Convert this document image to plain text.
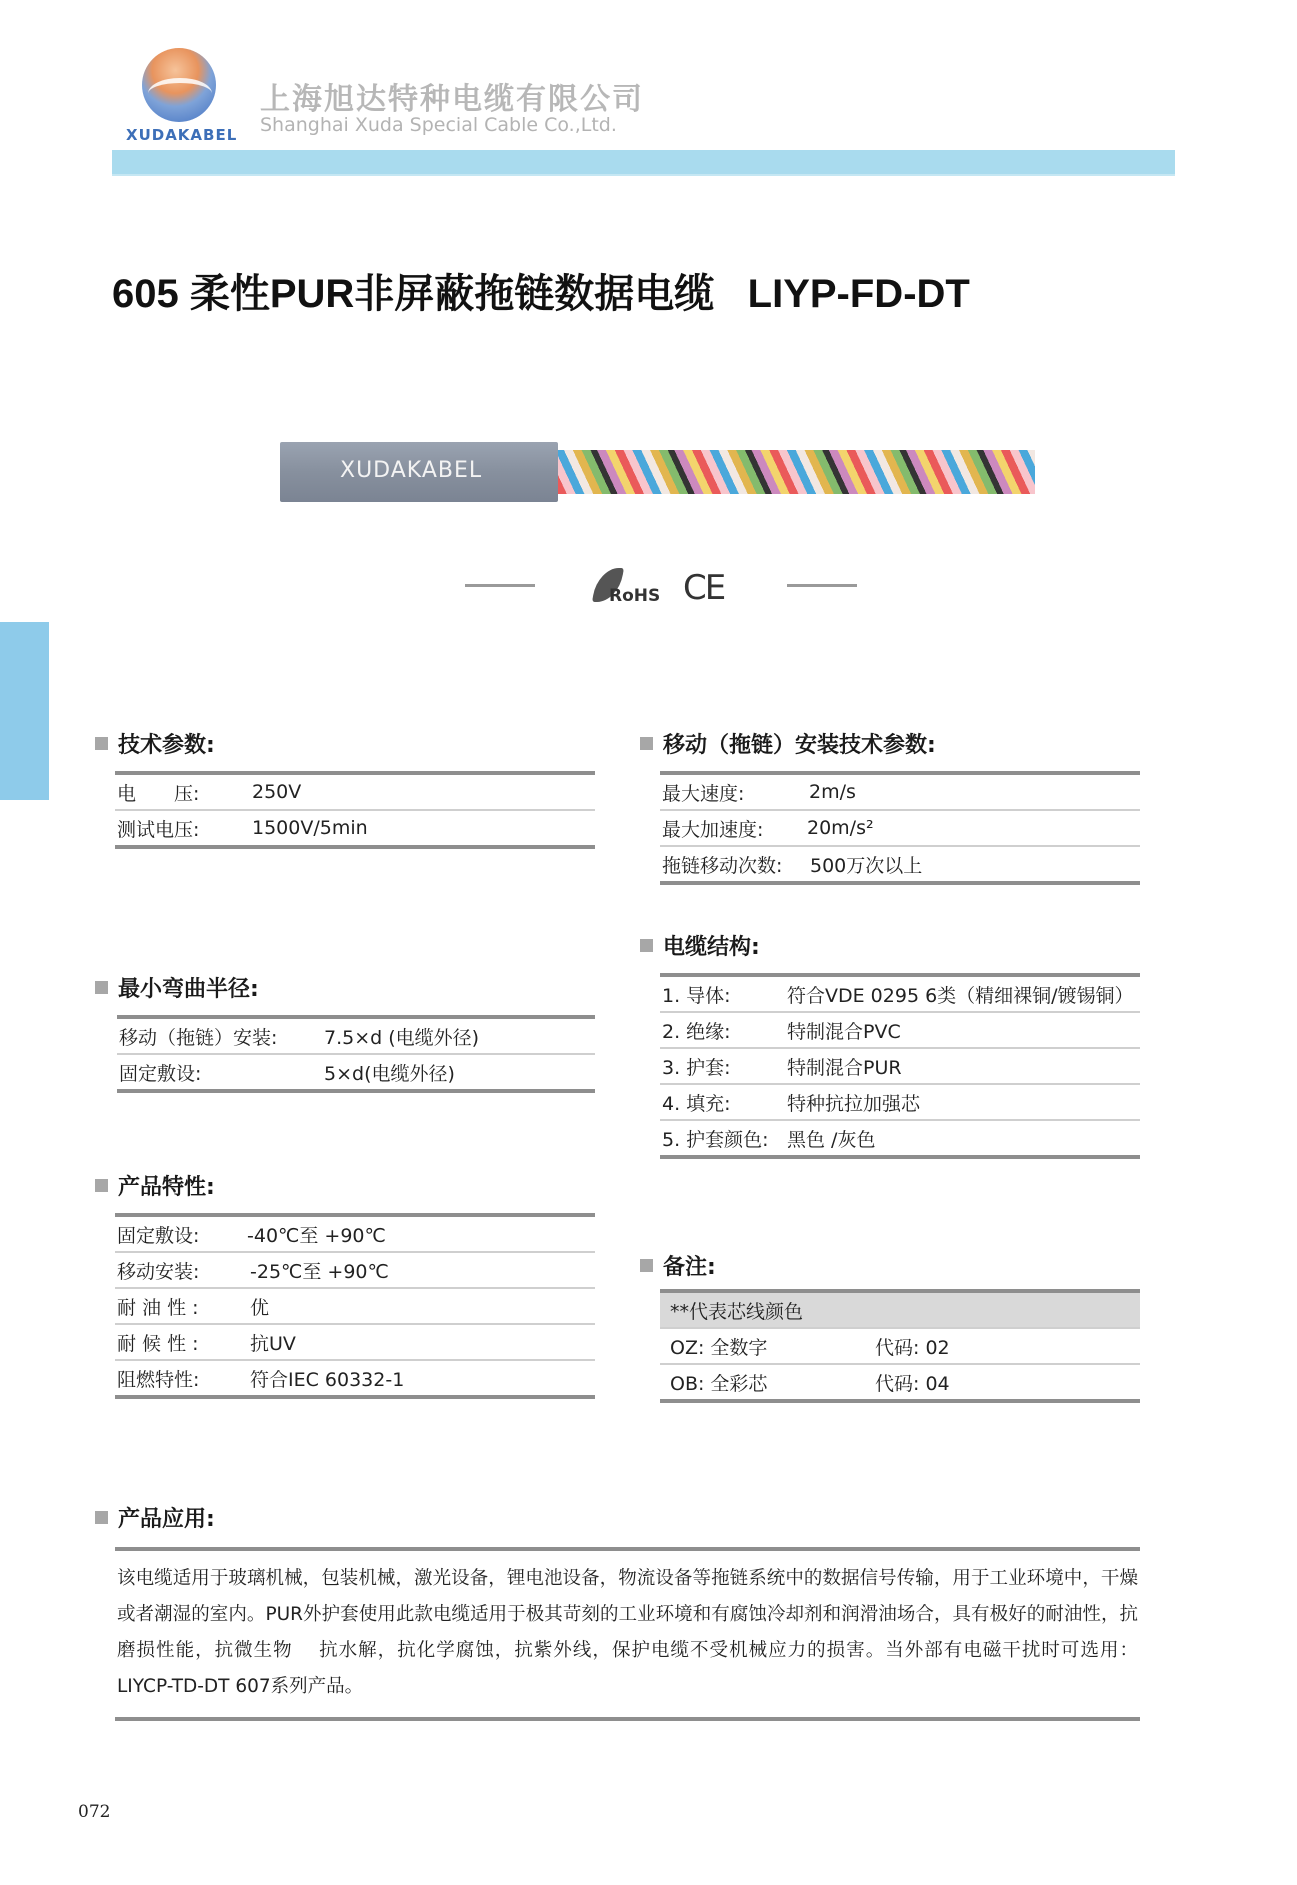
XUDAKABEL
上海旭达特种电缆有限公司
Shanghai Xuda Special Cable Co.,Ltd.
605 柔性PUR非屏蔽拖链数据电缆   LIYP-FD-DT
XUDAKABEL
RoHS CE
技术参数:
电　　压:	250V
测试电压:	1500V/5min
移动（拖链）安装技术参数:
最大速度:	2m/s
最大加速度:	20m/s²
拖链移动次数:	500万次以上
电缆结构:
1. 导体:	符合VDE 0295 6类（精细裸铜/镀锡铜）
2. 绝缘:	特制混合PVC
3. 护套:	特制混合PUR
4. 填充:	特种抗拉加强芯
5. 护套颜色: 黑色 /灰色
最小弯曲半径:
移动（拖链）安装:	7.5×d (电缆外径)
固定敷设:	5×d(电缆外径)
产品特性:
固定敷设:	-40℃至 +90℃
移动安装:	-25℃至 +90℃
耐 油 性 :	优
耐 候 性 :	抗UV
阻燃特性:	符合IEC 60332-1
备注:
**代表芯线颜色
OZ: 全数字	代码: 02
OB: 全彩芯	代码: 04
产品应用:
该电缆适用于玻璃机械，包装机械，激光设备，锂电池设备，物流设备等拖链系统中的数据信号传输，用于工业环境中，干燥或者潮湿的室内。PUR外护套使用此款电缆适用于极其苛刻的工业环境和有腐蚀冷却剂和润滑油场合，具有极好的耐油性，抗磨损性能，抗微生物　 抗水解，抗化学腐蚀，抗紫外线，保护电缆不受机械应力的损害。当外部有电磁干扰时可选用：LIYCP-TD-DT 607系列产品。
072
